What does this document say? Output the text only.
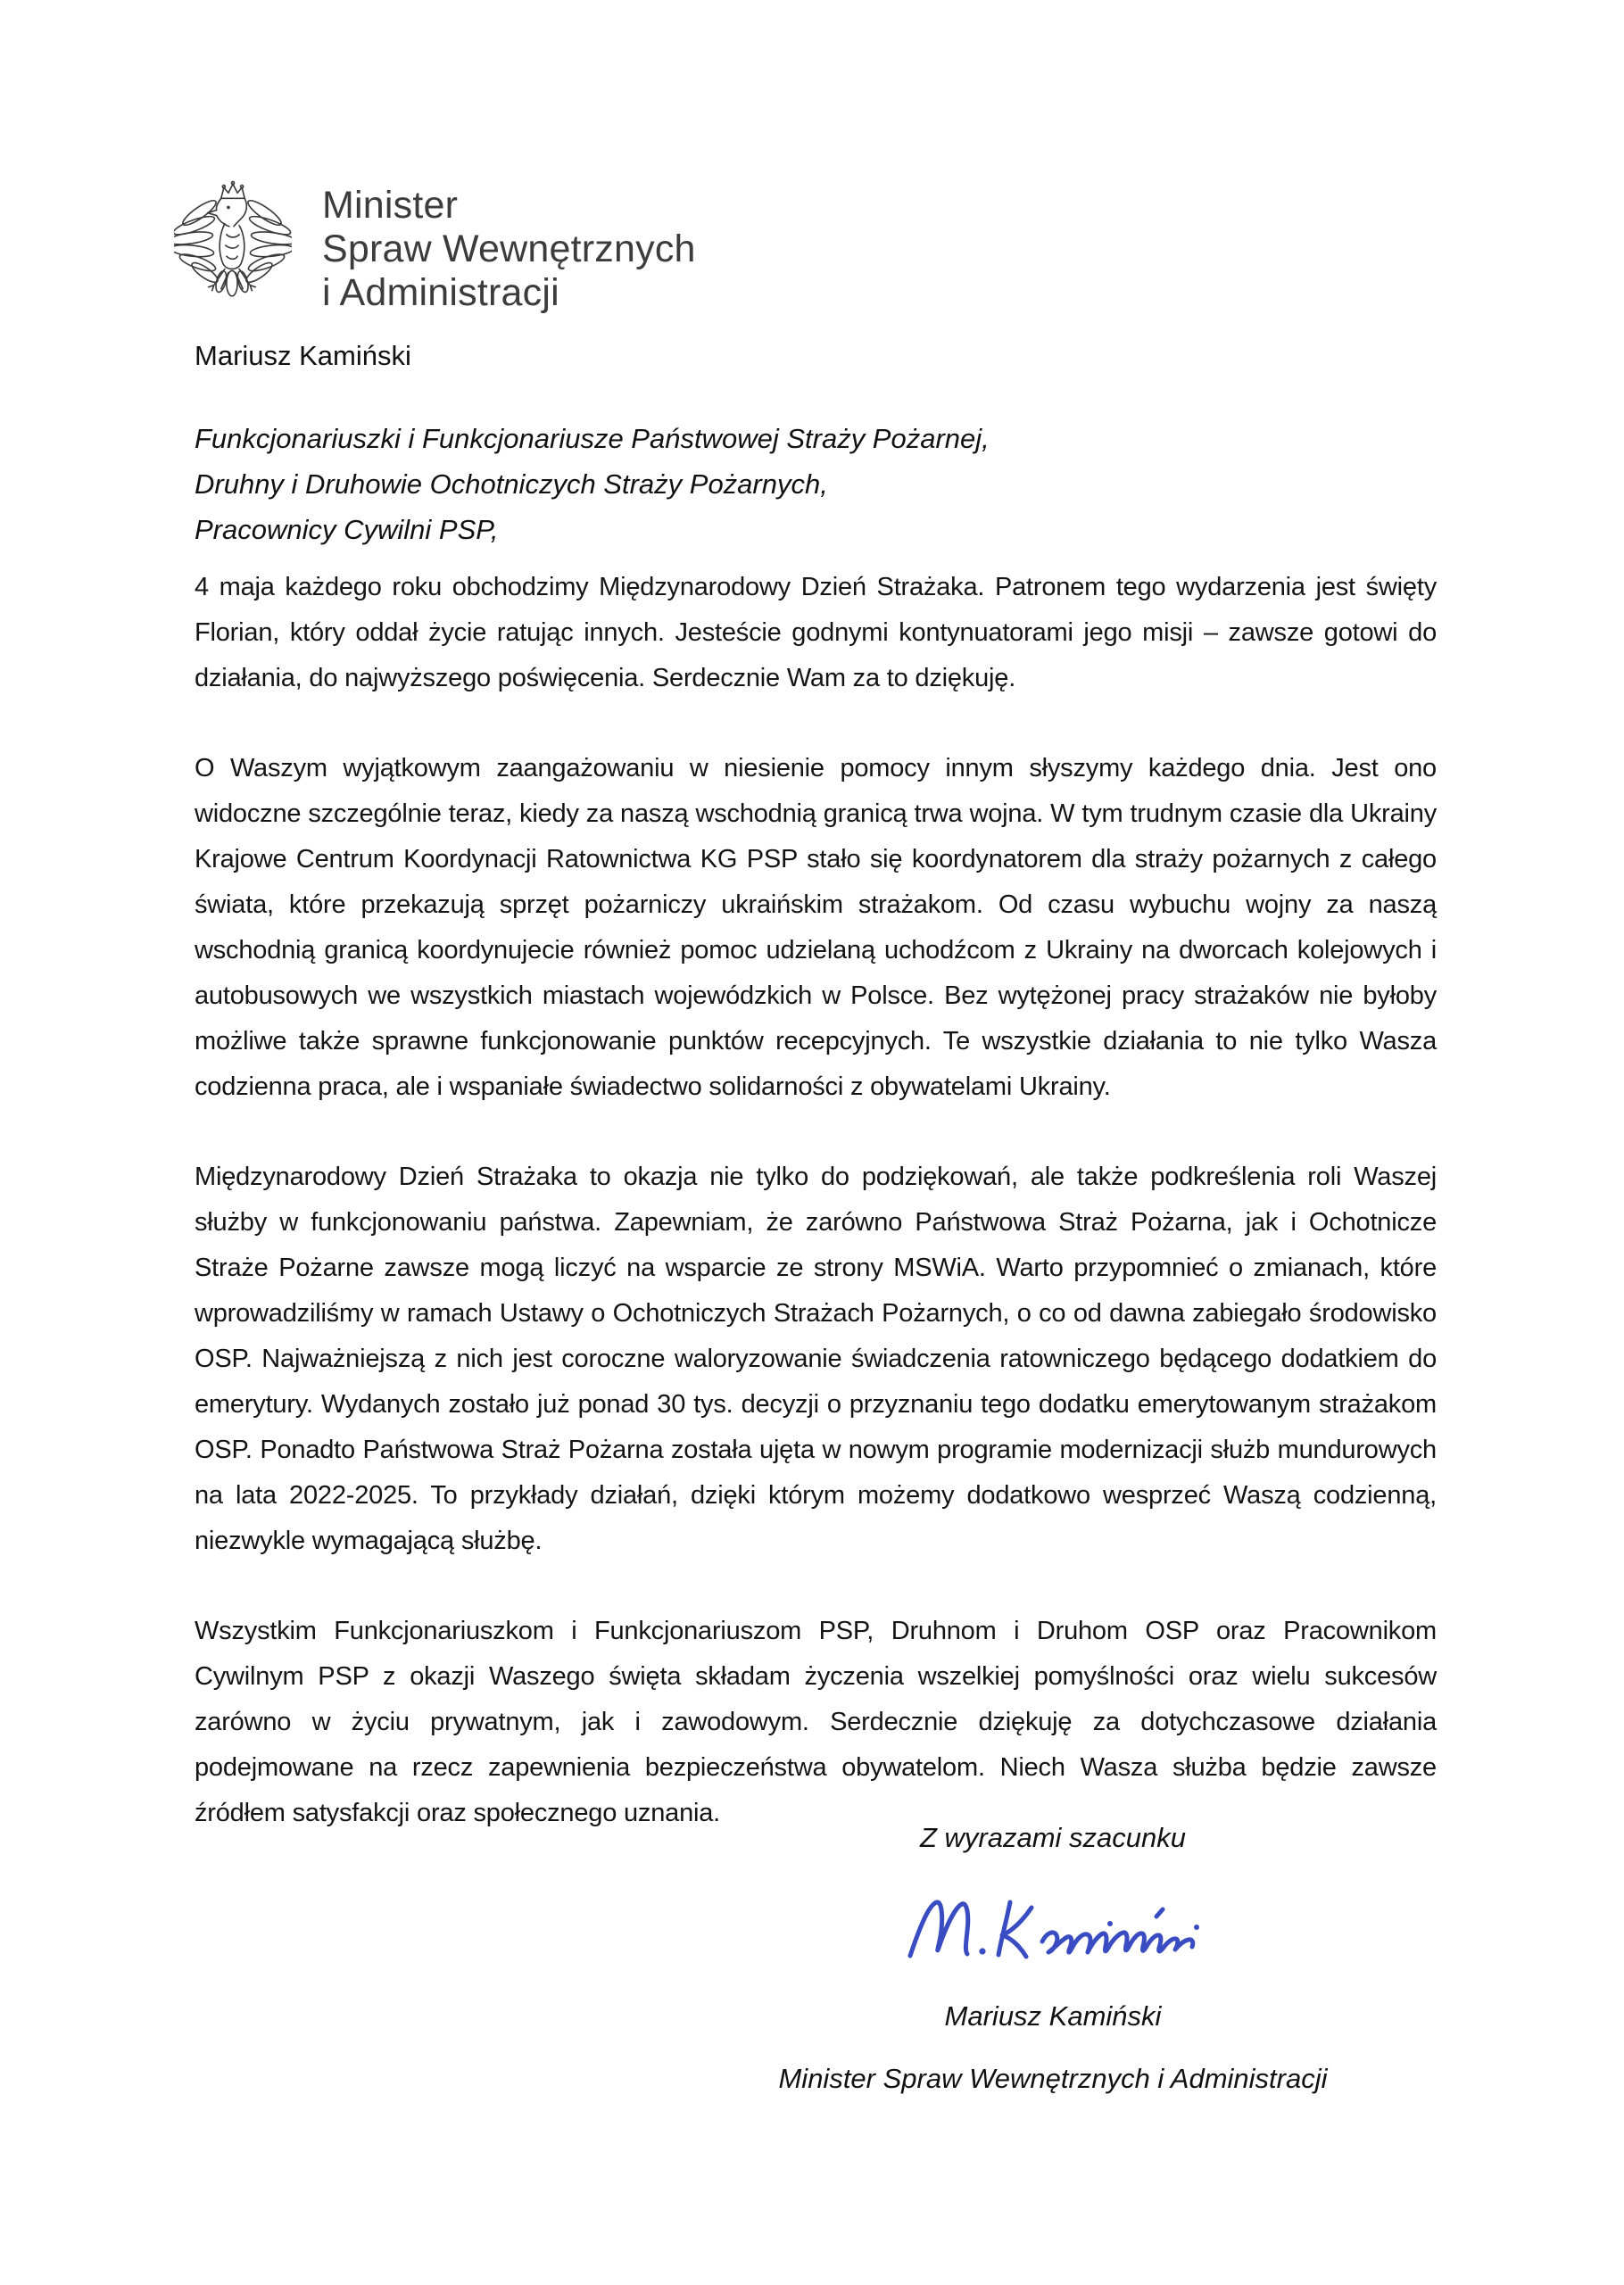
Minister
Spraw Wewnętrznych
i Administracji
Mariusz Kamiński
Funkcjonariuszki i Funkcjonariusze Państwowej Straży Pożarnej,
Druhny i Druhowie Ochotniczych Straży Pożarnych,
Pracownicy Cywilni PSP,

4 maja każdego roku obchodzimy Międzynarodowy Dzień Strażaka. Patronem tego wydarzenia jest święty Florian, który oddał życie ratując innych. Jesteście godnymi kontynuatorami jego misji – zawsze gotowi do działania, do najwyższego poświęcenia. Serdecznie Wam za to dziękuję.

O Waszym wyjątkowym zaangażowaniu w niesienie pomocy innym słyszymy każdego dnia. Jest ono widoczne szczególnie teraz, kiedy za naszą wschodnią granicą trwa wojna. W tym trudnym czasie dla Ukrainy Krajowe Centrum Koordynacji Ratownictwa KG PSP stało się koordynatorem dla straży pożarnych z całego świata, które przekazują sprzęt pożarniczy ukraińskim strażakom. Od czasu wybuchu wojny za naszą wschodnią granicą koordynujecie również pomoc udzielaną uchodźcom z Ukrainy na dworcach kolejowych i autobusowych we wszystkich miastach wojewódzkich w Polsce. Bez wytężonej pracy strażaków nie byłoby możliwe także sprawne funkcjonowanie punktów recepcyjnych. Te wszystkie działania to nie tylko Wasza codzienna praca, ale i wspaniałe świadectwo solidarności z obywatelami Ukrainy.

Międzynarodowy Dzień Strażaka to okazja nie tylko do podziękowań, ale także podkreślenia roli Waszej służby w funkcjonowaniu państwa. Zapewniam, że zarówno Państwowa Straż Pożarna, jak i Ochotnicze Straże Pożarne zawsze mogą liczyć na wsparcie ze strony MSWiA. Warto przypomnieć o zmianach, które wprowadziliśmy w ramach Ustawy o Ochotniczych Strażach Pożarnych, o co od dawna zabiegało środowisko OSP. Najważniejszą z nich jest coroczne waloryzowanie świadczenia ratowniczego będącego dodatkiem do emerytury. Wydanych zostało już ponad 30 tys. decyzji o przyznaniu tego dodatku emerytowanym strażakom OSP. Ponadto Państwowa Straż Pożarna została ujęta w nowym programie modernizacji służb mundurowych na lata 2022-2025. To przykłady działań, dzięki którym możemy dodatkowo wesprzeć Waszą codzienną, niezwykle wymagającą służbę.

Wszystkim Funkcjonariuszkom i Funkcjonariuszom PSP, Druhnom i Druhom OSP oraz Pracownikom Cywilnym PSP z okazji Waszego święta składam życzenia wszelkiej pomyślności oraz wielu sukcesów zarówno w życiu prywatnym, jak i zawodowym. Serdecznie dziękuję za dotychczasowe działania podejmowane na rzecz zapewnienia bezpieczeństwa obywatelom. Niech Wasza służba będzie zawsze źródłem satysfakcji oraz społecznego uznania.

Z wyrazami szacunku
Mariusz Kamiński
Minister Spraw Wewnętrznych i Administracji
